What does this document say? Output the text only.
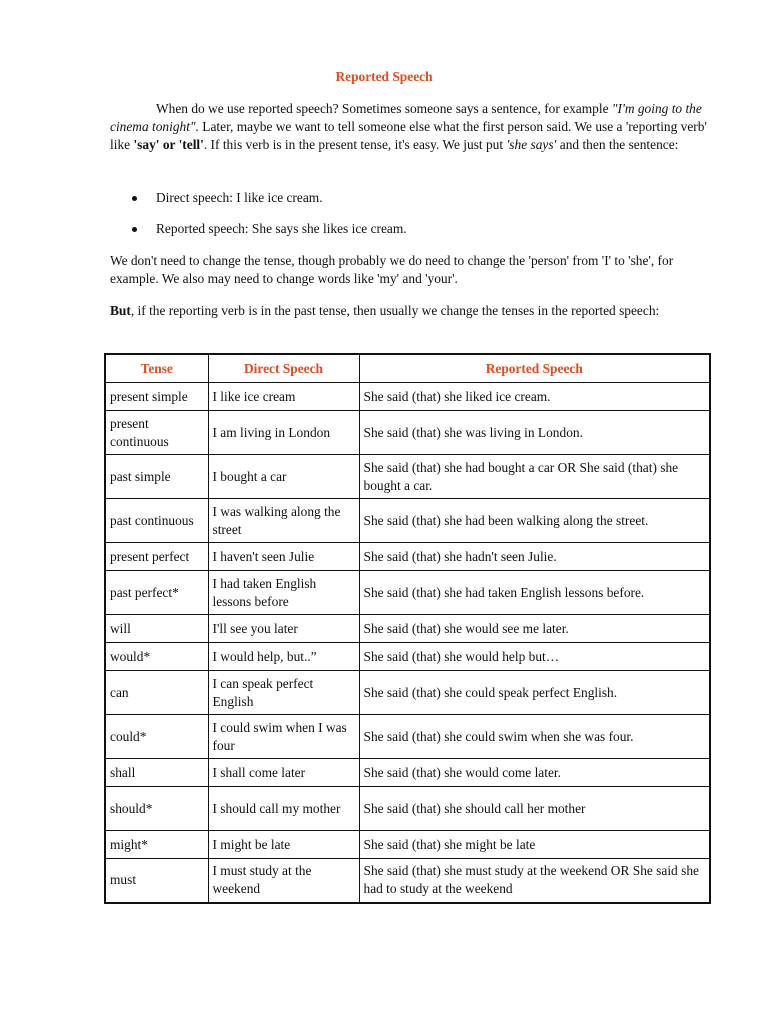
Reported Speech

When do we use reported speech? Sometimes someone says a sentence, for example "I'm going to the cinema tonight". Later, maybe we want to tell someone else what the first person said. We use a 'reporting verb' like 'say' or 'tell'. If this verb is in the present tense, it's easy. We just put 'she says' and then the sentence:

Direct speech: I like ice cream.
Reported speech: She says she likes ice cream.

We don't need to change the tense, though probably we do need to change the 'person' from 'I' to 'she', for example. We also may need to change words like 'my' and 'your'.

But, if the reporting verb is in the past tense, then usually we change the tenses in the reported speech:

Tense	Direct Speech	Reported Speech
present simple	I like ice cream	She said (that) she liked ice cream.
present continuous	I am living in London	She said (that) she was living in London.
past simple	I bought a car	She said (that) she had bought a car OR She said (that) she bought a car.
past continuous	I was walking along the street	She said (that) she had been walking along the street.
present perfect	I haven't seen Julie	She said (that) she hadn't seen Julie.
past perfect*	I had taken English lessons before	She said (that) she had taken English lessons before.
will	I'll see you later	She said (that) she would see me later.
would*	I would help, but..”	She said (that) she would help but…
can	I can speak perfect English	She said (that) she could speak perfect English.
could*	I could swim when I was four	She said (that) she could swim when she was four.
shall	I shall come later	She said (that) she would come later.
should*	I should call my mother	She said (that) she should call her mother
might*	I might be late	She said (that) she might be late
must	I must study at the weekend	She said (that) she must study at the weekend OR She said she had to study at the weekend
